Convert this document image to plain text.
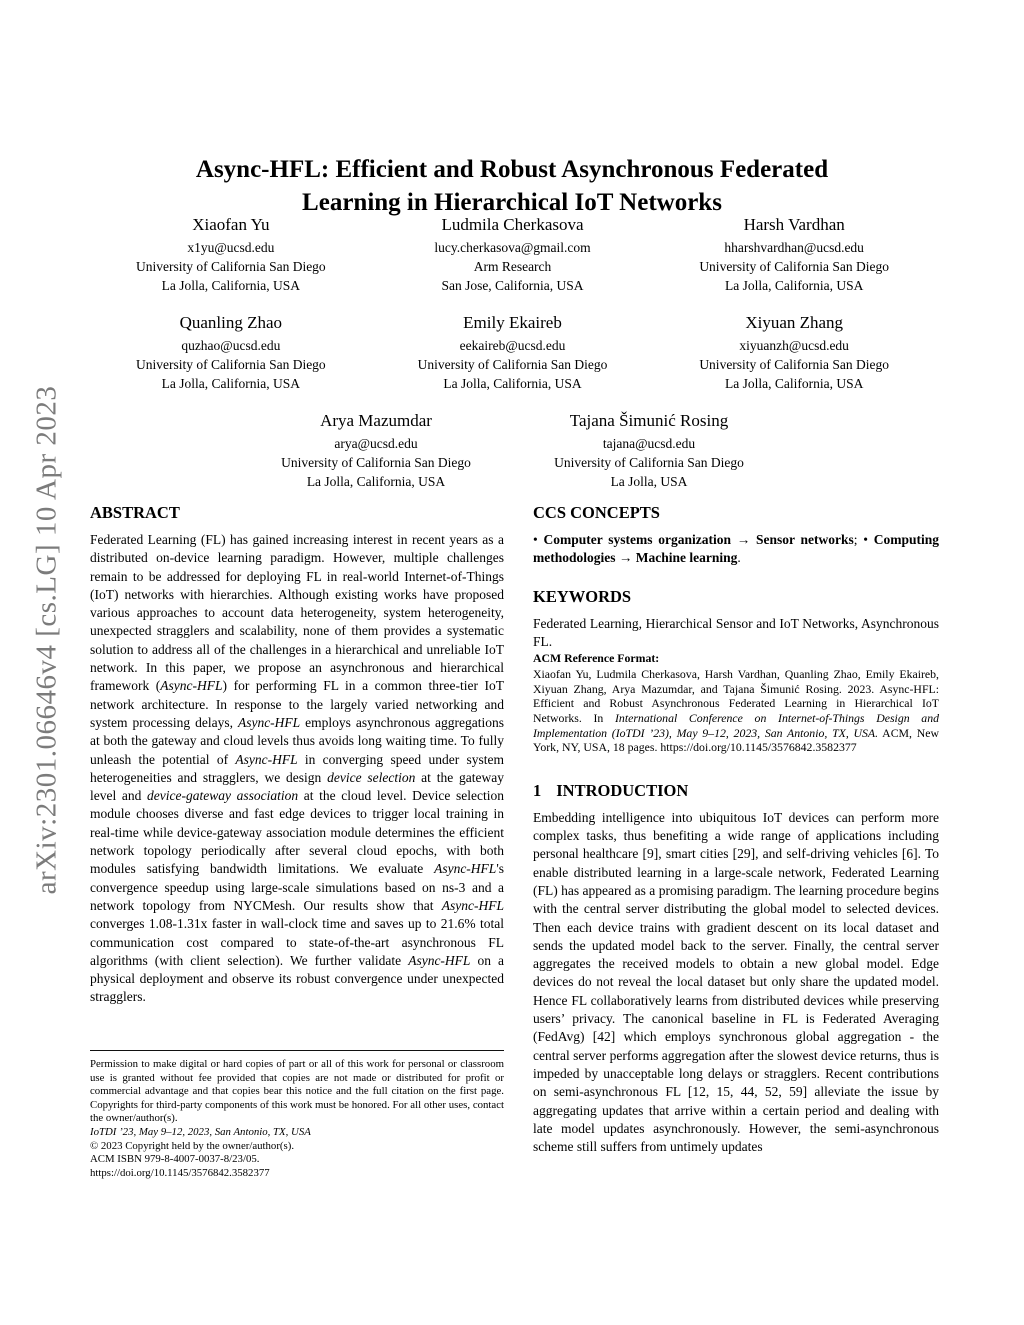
arXiv:2301.06646v4 [cs.LG] 10 Apr 2023
Async-HFL: Efficient and Robust Asynchronous Federated Learning in Hierarchical IoT Networks
Xiaofan Yu
x1yu@ucsd.edu
University of California San Diego
La Jolla, California, USA
Ludmila Cherkasova
lucy.cherkasova@gmail.com
Arm Research
San Jose, California, USA
Harsh Vardhan
hharshvardhan@ucsd.edu
University of California San Diego
La Jolla, California, USA
Quanling Zhao
quzhao@ucsd.edu
University of California San Diego
La Jolla, California, USA
Emily Ekaireb
eekaireb@ucsd.edu
University of California San Diego
La Jolla, California, USA
Xiyuan Zhang
xiyuanzh@ucsd.edu
University of California San Diego
La Jolla, California, USA
Arya Mazumdar
arya@ucsd.edu
University of California San Diego
La Jolla, California, USA
Tajana Šimunić Rosing
tajana@ucsd.edu
University of California San Diego
La Jolla, USA
ABSTRACT

Federated Learning (FL) has gained increasing interest in recent years as a distributed on-device learning paradigm. However, multiple challenges remain to be addressed for deploying FL in real-world Internet-of-Things (IoT) networks with hierarchies. Although existing works have proposed various approaches to account data heterogeneity, system heterogeneity, unexpected stragglers and scalability, none of them provides a systematic solution to address all of the challenges in a hierarchical and unreliable IoT network. In this paper, we propose an asynchronous and hierarchical framework (Async-HFL) for performing FL in a common three-tier IoT network architecture. In response to the largely varied networking and system processing delays, Async-HFL employs asynchronous aggregations at both the gateway and cloud levels thus avoids long waiting time. To fully unleash the potential of Async-HFL in converging speed under system heterogeneities and stragglers, we design device selection at the gateway level and device-gateway association at the cloud level. Device selection module chooses diverse and fast edge devices to trigger local training in real-time while device-gateway association module determines the efficient network topology periodically after several cloud epochs, with both modules satisfying bandwidth limitations. We evaluate Async-HFL's convergence speedup using large-scale simulations based on ns-3 and a network topology from NYCMesh. Our results show that Async-HFL converges 1.08-1.31x faster in wall-clock time and saves up to 21.6% total communication cost compared to state-of-the-art asynchronous FL algorithms (with client selection). We further validate Async-HFL on a physical deployment and observe its robust convergence under unexpected stragglers.

Permission to make digital or hard copies of part or all of this work for personal or classroom use is granted without fee provided that copies are not made or distributed for profit or commercial advantage and that copies bear this notice and the full citation on the first page. Copyrights for third-party components of this work must be honored. For all other uses, contact the owner/author(s).

IoTDI ’23, May 9–12, 2023, San Antonio, TX, USA

© 2023 Copyright held by the owner/author(s).

ACM ISBN 979-8-4007-0037-8/23/05.

https://doi.org/10.1145/3576842.3582377

CCS CONCEPTS

• Computer systems organization → Sensor networks; • Computing methodologies → Machine learning.

KEYWORDS

Federated Learning, Hierarchical Sensor and IoT Networks, Asynchronous FL.

ACM Reference Format:

Xiaofan Yu, Ludmila Cherkasova, Harsh Vardhan, Quanling Zhao, Emily Ekaireb, Xiyuan Zhang, Arya Mazumdar, and Tajana Šimunić Rosing. 2023. Async-HFL: Efficient and Robust Asynchronous Federated Learning in Hierarchical IoT Networks. In International Conference on Internet-of-Things Design and Implementation (IoTDI ’23), May 9–12, 2023, San Antonio, TX, USA. ACM, New York, NY, USA, 18 pages. https://doi.org/10.1145/3576842.3582377

1 INTRODUCTION

Embedding intelligence into ubiquitous IoT devices can perform more complex tasks, thus benefiting a wide range of applications including personal healthcare [9], smart cities [29], and self-driving vehicles [6]. To enable distributed learning in a large-scale network, Federated Learning (FL) has appeared as a promising paradigm. The learning procedure begins with the central server distributing the global model to selected devices. Then each device trains with gradient descent on its local dataset and sends the updated model back to the server. Finally, the central server aggregates the received models to obtain a new global model. Edge devices do not reveal the local dataset but only share the updated model. Hence FL collaboratively learns from distributed devices while preserving users’ privacy. The canonical baseline in FL is Federated Averaging (FedAvg) [42] which employs synchronous global aggregation - the central server performs aggregation after the slowest device returns, thus is impeded by unacceptable long delays or stragglers. Recent contributions on semi-asynchronous FL [12, 15, 44, 52, 59] alleviate the issue by aggregating updates that arrive within a certain period and dealing with late model updates asynchronously. However, the semi-asynchronous scheme still suffers from untimely updates
